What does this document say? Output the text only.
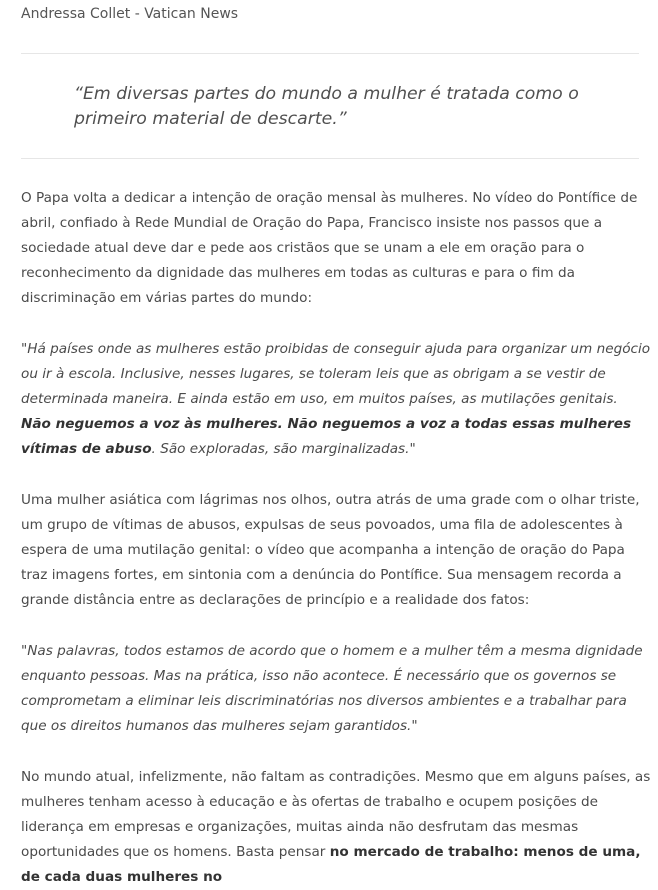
Andressa Collet - Vatican News

“Em diversas partes do mundo a mulher é tratada como o primeiro material de descarte.”

O Papa volta a dedicar a intenção de oração mensal às mulheres. No vídeo do Pontífice de abril, confiado à Rede Mundial de Oração do Papa, Francisco insiste nos passos que a sociedade atual deve dar e pede aos cristãos que se unam a ele em oração para o reconhecimento da dignidade das mulheres em todas as culturas e para o fim da discriminação em várias partes do mundo:

"Há países onde as mulheres estão proibidas de conseguir ajuda para organizar um negócio ou ir à escola. Inclusive, nesses lugares, se toleram leis que as obrigam a se vestir de determinada maneira. E ainda estão em uso, em muitos países, as mutilações genitais. Não neguemos a voz às mulheres. Não neguemos a voz a todas essas mulheres vítimas de abuso. São exploradas, são marginalizadas."

Uma mulher asiática com lágrimas nos olhos, outra atrás de uma grade com o olhar triste, um grupo de vítimas de abusos, expulsas de seus povoados, uma fila de adolescentes à espera de uma mutilação genital: o vídeo que acompanha a intenção de oração do Papa traz imagens fortes, em sintonia com a denúncia do Pontífice. Sua mensagem recorda a grande distância entre as declarações de princípio e a realidade dos fatos:

"Nas palavras, todos estamos de acordo que o homem e a mulher têm a mesma dignidade enquanto pessoas. Mas na prática, isso não acontece. É necessário que os governos se comprometam a eliminar leis discriminatórias nos diversos ambientes e a trabalhar para que os direitos humanos das mulheres sejam garantidos."

No mundo atual, infelizmente, não faltam as contradições. Mesmo que em alguns países, as mulheres tenham acesso à educação e às ofertas de trabalho e ocupem posições de liderança em empresas e organizações, muitas ainda não desfrutam das mesmas oportunidades que os homens. Basta pensar no mercado de trabalho: menos de uma, de cada duas mulheres no
